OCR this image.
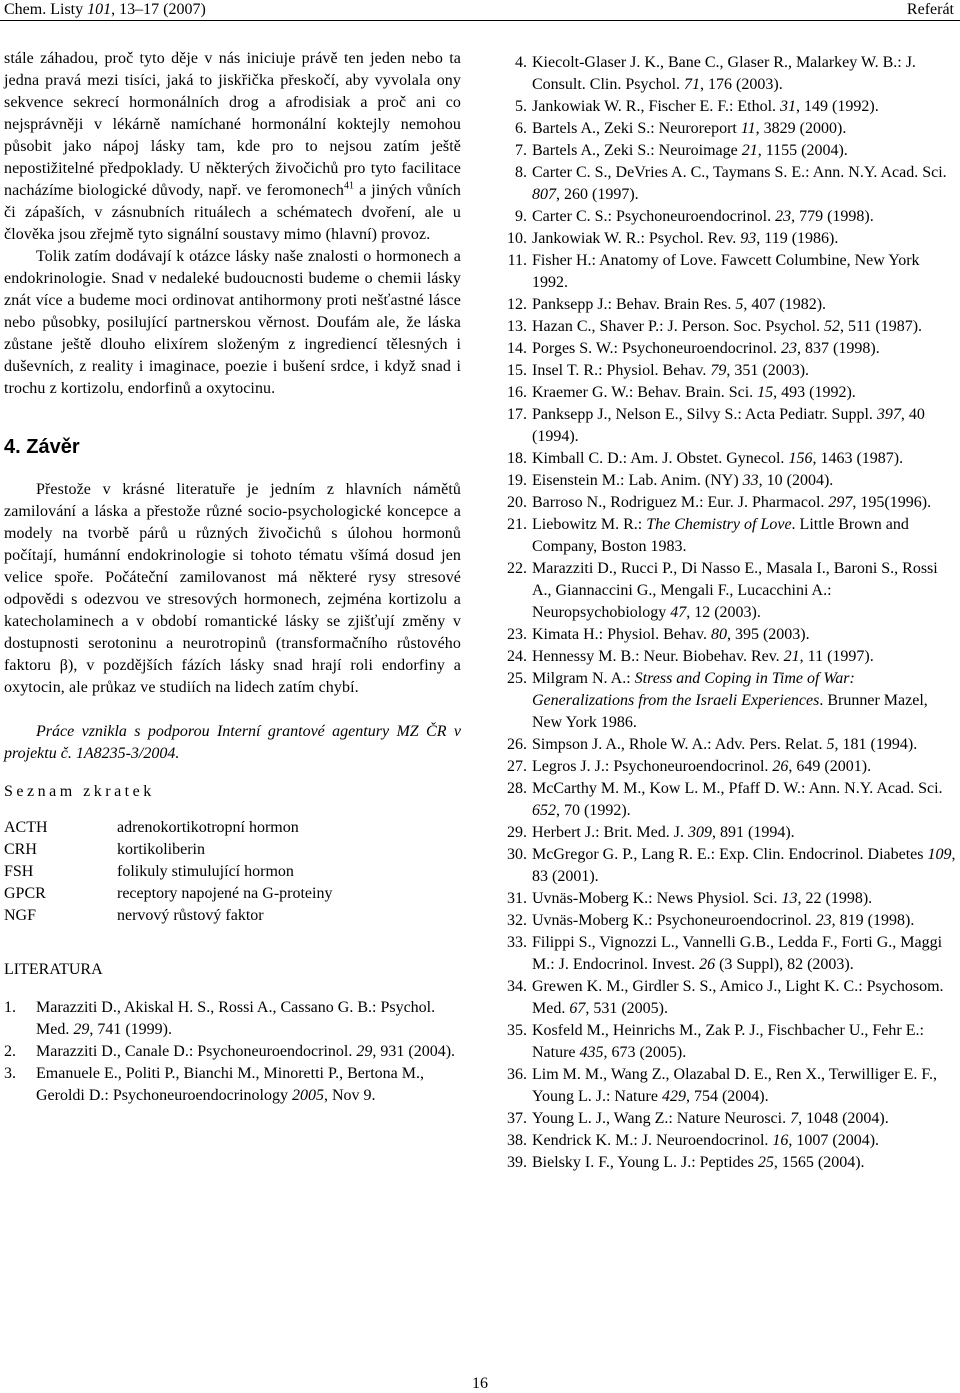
Chem. Listy 101, 13–17 (2007)	Referát

stále záhadou, proč tyto děje v nás iniciuje právě ten jeden nebo ta jedna pravá mezi tisíci, jaká to jiskřička přeskočí, aby vyvolala ony sekvence sekrecí hormonálních drog a afrodisiak a proč ani co nejsprávněji v lékárně namíchané hormonální koktejly nemohou působit jako nápoj lásky tam, kde pro to nejsou zatím ještě nepostižitelné předpoklady. U některých živočichů pro tyto facilitace nacházíme biologické důvody, např. ve feromonech$^{41}$ a jiných vůních či zápaších, v zásnubních rituálech a schématech dvoření, ale u člověka jsou zřejmě tyto signální soustavy mimo (hlavní) provoz.

Tolik zatím dodávají k otázce lásky naše znalosti o hormonech a endokrinologie. Snad v nedaleké budoucnosti budeme o chemii lásky znát více a budeme moci ordinovat antihormony proti nešťastné lásce nebo působky, posilující partnerskou věrnost. Doufám ale, že láska zůstane ještě dlouho elixírem složeným z ingrediencí tělesných i duševních, z reality i imaginace, poezie i bušení srdce, i když snad i trochu z kortizolu, endorfinů a oxytocinu.

4. Závěr

Přestože v krásné literatuře je jedním z hlavních námětů zamilování a láska a přestože různé socio-psychologické koncepce a modely na tvorbě párů u různých živočichů s úlohou hormonů počítají, humánní endokrinologie si tohoto tématu všímá dosud jen velice spoře. Počáteční zamilovanost má některé rysy stresové odpovědi s odezvou ve stresových hormonech, zejména kortizolu a katecholaminech a v období romantické lásky se zjišťují změny v dostupnosti serotoninu a neurotropinů (transformačního růstového faktoru β), v pozdějších fázích lásky snad hrají roli endorfiny a oxytocin, ale průkaz ve studiích na lidech zatím chybí.

Práce vznikla s podporou Interní grantové agentury MZ ČR v projektu č. 1A8235-3/2004.

Seznam zkratek

ACTH	adrenokortikotropní hormon
CRH	kortikoliberin
FSH	folikuly stimulující hormon
GPCR	receptory napojené na G-proteiny
NGF	nervový růstový faktor

LITERATURA

1.	Marazziti D., Akiskal H. S., Rossi A., Cassano G. B.: Psychol. Med. 29, 741 (1999).
2.	Marazziti D., Canale D.: Psychoneuroendocrinol. 29, 931 (2004).
3.	Emanuele E., Politi P., Bianchi M., Minoretti P., Bertona M., Geroldi D.: Psychoneuroendocrinology 2005, Nov 9.
4. Kiecolt-Glaser J. K., Bane C., Glaser R., Malarkey W. B.: J. Consult. Clin. Psychol. 71, 176 (2003).
5. Jankowiak W. R., Fischer E. F.: Ethol. 31, 149 (1992).
6. Bartels A., Zeki S.: Neuroreport 11, 3829 (2000).
7. Bartels A., Zeki S.: Neuroimage 21, 1155 (2004).
8. Carter C. S., DeVries A. C., Taymans S. E.: Ann. N.Y. Acad. Sci. 807, 260 (1997).
9. Carter C. S.: Psychoneuroendocrinol. 23, 779 (1998).
10. Jankowiak W. R.: Psychol. Rev. 93, 119 (1986).
11. Fisher H.: Anatomy of Love. Fawcett Columbine, New York 1992.
12. Panksepp J.: Behav. Brain Res. 5, 407 (1982).
13. Hazan C., Shaver P.: J. Person. Soc. Psychol. 52, 511 (1987).
14. Porges S. W.: Psychoneuroendocrinol. 23, 837 (1998).
15. Insel T. R.: Physiol. Behav. 79, 351 (2003).
16. Kraemer G. W.: Behav. Brain. Sci. 15, 493 (1992).
17. Panksepp J., Nelson E., Silvy S.: Acta Pediatr. Suppl. 397, 40 (1994).
18. Kimball C. D.: Am. J. Obstet. Gynecol. 156, 1463 (1987).
19. Eisenstein M.: Lab. Anim. (NY) 33, 10 (2004).
20. Barroso N., Rodriguez M.: Eur. J. Pharmacol. 297, 195(1996).
21. Liebowitz M. R.: The Chemistry of Love. Little Brown and Company, Boston 1983.
22. Marazziti D., Rucci P., Di Nasso E., Masala I., Baroni S., Rossi A., Giannaccini G., Mengali F., Lucacchini A.: Neuropsychobiology 47, 12 (2003).
23. Kimata H.: Physiol. Behav. 80, 395 (2003).
24. Hennessy M. B.: Neur. Biobehav. Rev. 21, 11 (1997).
25. Milgram N. A.: Stress and Coping in Time of War: Generalizations from the Israeli Experiences. Brunner Mazel, New York 1986.
26. Simpson J. A., Rhole W. A.: Adv. Pers. Relat. 5, 181 (1994).
27. Legros J. J.: Psychoneuroendocrinol. 26, 649 (2001).
28. McCarthy M. M., Kow L. M., Pfaff D. W.: Ann. N.Y. Acad. Sci. 652, 70 (1992).
29. Herbert J.: Brit. Med. J. 309, 891 (1994).
30. McGregor G. P., Lang R. E.: Exp. Clin. Endocrinol. Diabetes 109, 83 (2001).
31. Uvnäs-Moberg K.: News Physiol. Sci. 13, 22 (1998).
32. Uvnäs-Moberg K.: Psychoneuroendocrinol. 23, 819 (1998).
33. Filippi S., Vignozzi L., Vannelli G.B., Ledda F., Forti G., Maggi M.: J. Endocrinol. Invest. 26 (3 Suppl), 82 (2003).
34. Grewen K. M., Girdler S. S., Amico J., Light K. C.: Psychosom. Med. 67, 531 (2005).
35. Kosfeld M., Heinrichs M., Zak P. J., Fischbacher U., Fehr E.: Nature 435, 673 (2005).
36. Lim M. M., Wang Z., Olazabal D. E., Ren X., Terwilliger E. F., Young L. J.: Nature 429, 754 (2004).
37. Young L. J., Wang Z.: Nature Neurosci. 7, 1048 (2004).
38. Kendrick K. M.: J. Neuroendocrinol. 16, 1007 (2004).
39. Bielsky I. F., Young L. J.: Peptides 25, 1565 (2004).
16
